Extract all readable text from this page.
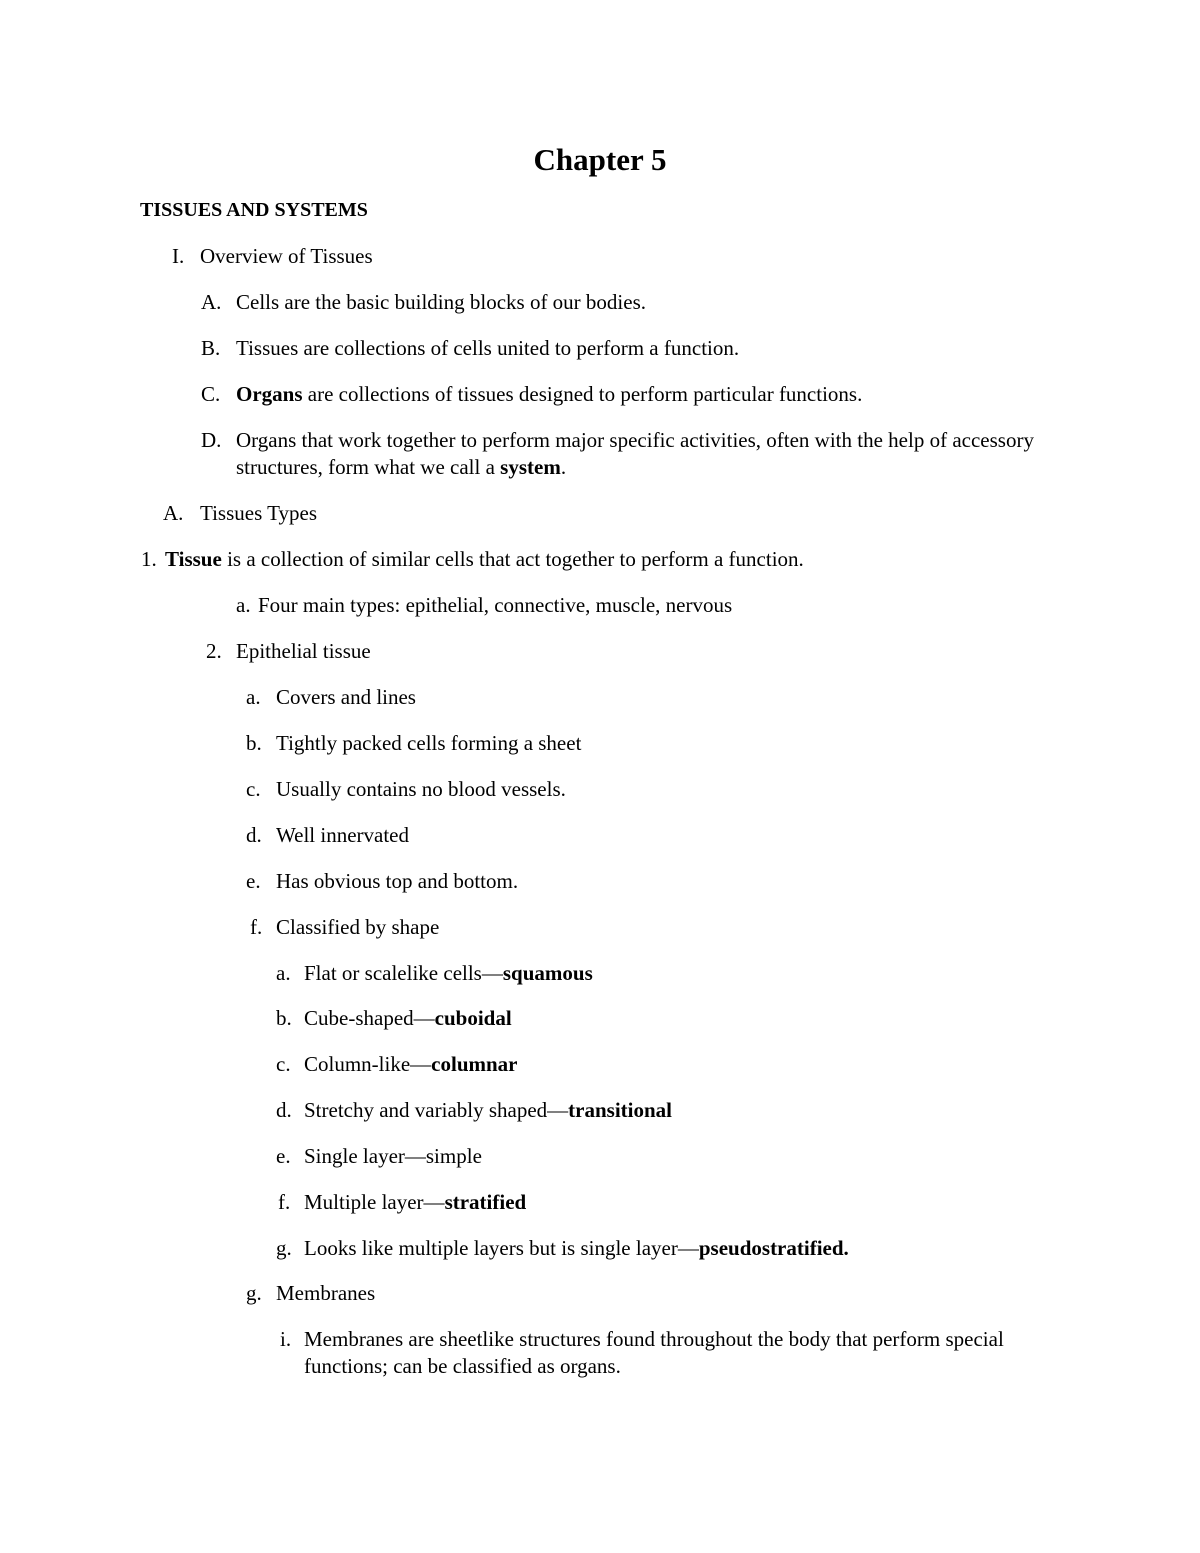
Chapter 5
TISSUES AND SYSTEMS
I. Overview of Tissues
A. Cells are the basic building blocks of our bodies.
B. Tissues are collections of cells united to perform a function.
C. Organs are collections of tissues designed to perform particular functions.
D. Organs that work together to perform major specific activities, often with the help of accessory structures, form what we call a system.
A. Tissues Types
1. Tissue is a collection of similar cells that act together to perform a function.
a. Four main types: epithelial, connective, muscle, nervous
2. Epithelial tissue
a. Covers and lines
b. Tightly packed cells forming a sheet
c. Usually contains no blood vessels.
d. Well innervated
e. Has obvious top and bottom.
f. Classified by shape
a. Flat or scalelike cells—squamous
b. Cube-shaped—cuboidal
c. Column-like—columnar
d. Stretchy and variably shaped—transitional
e. Single layer—simple
f. Multiple layer—stratified
g. Looks like multiple layers but is single layer—pseudostratified.
g. Membranes
i. Membranes are sheetlike structures found throughout the body that perform special functions; can be classified as organs.
